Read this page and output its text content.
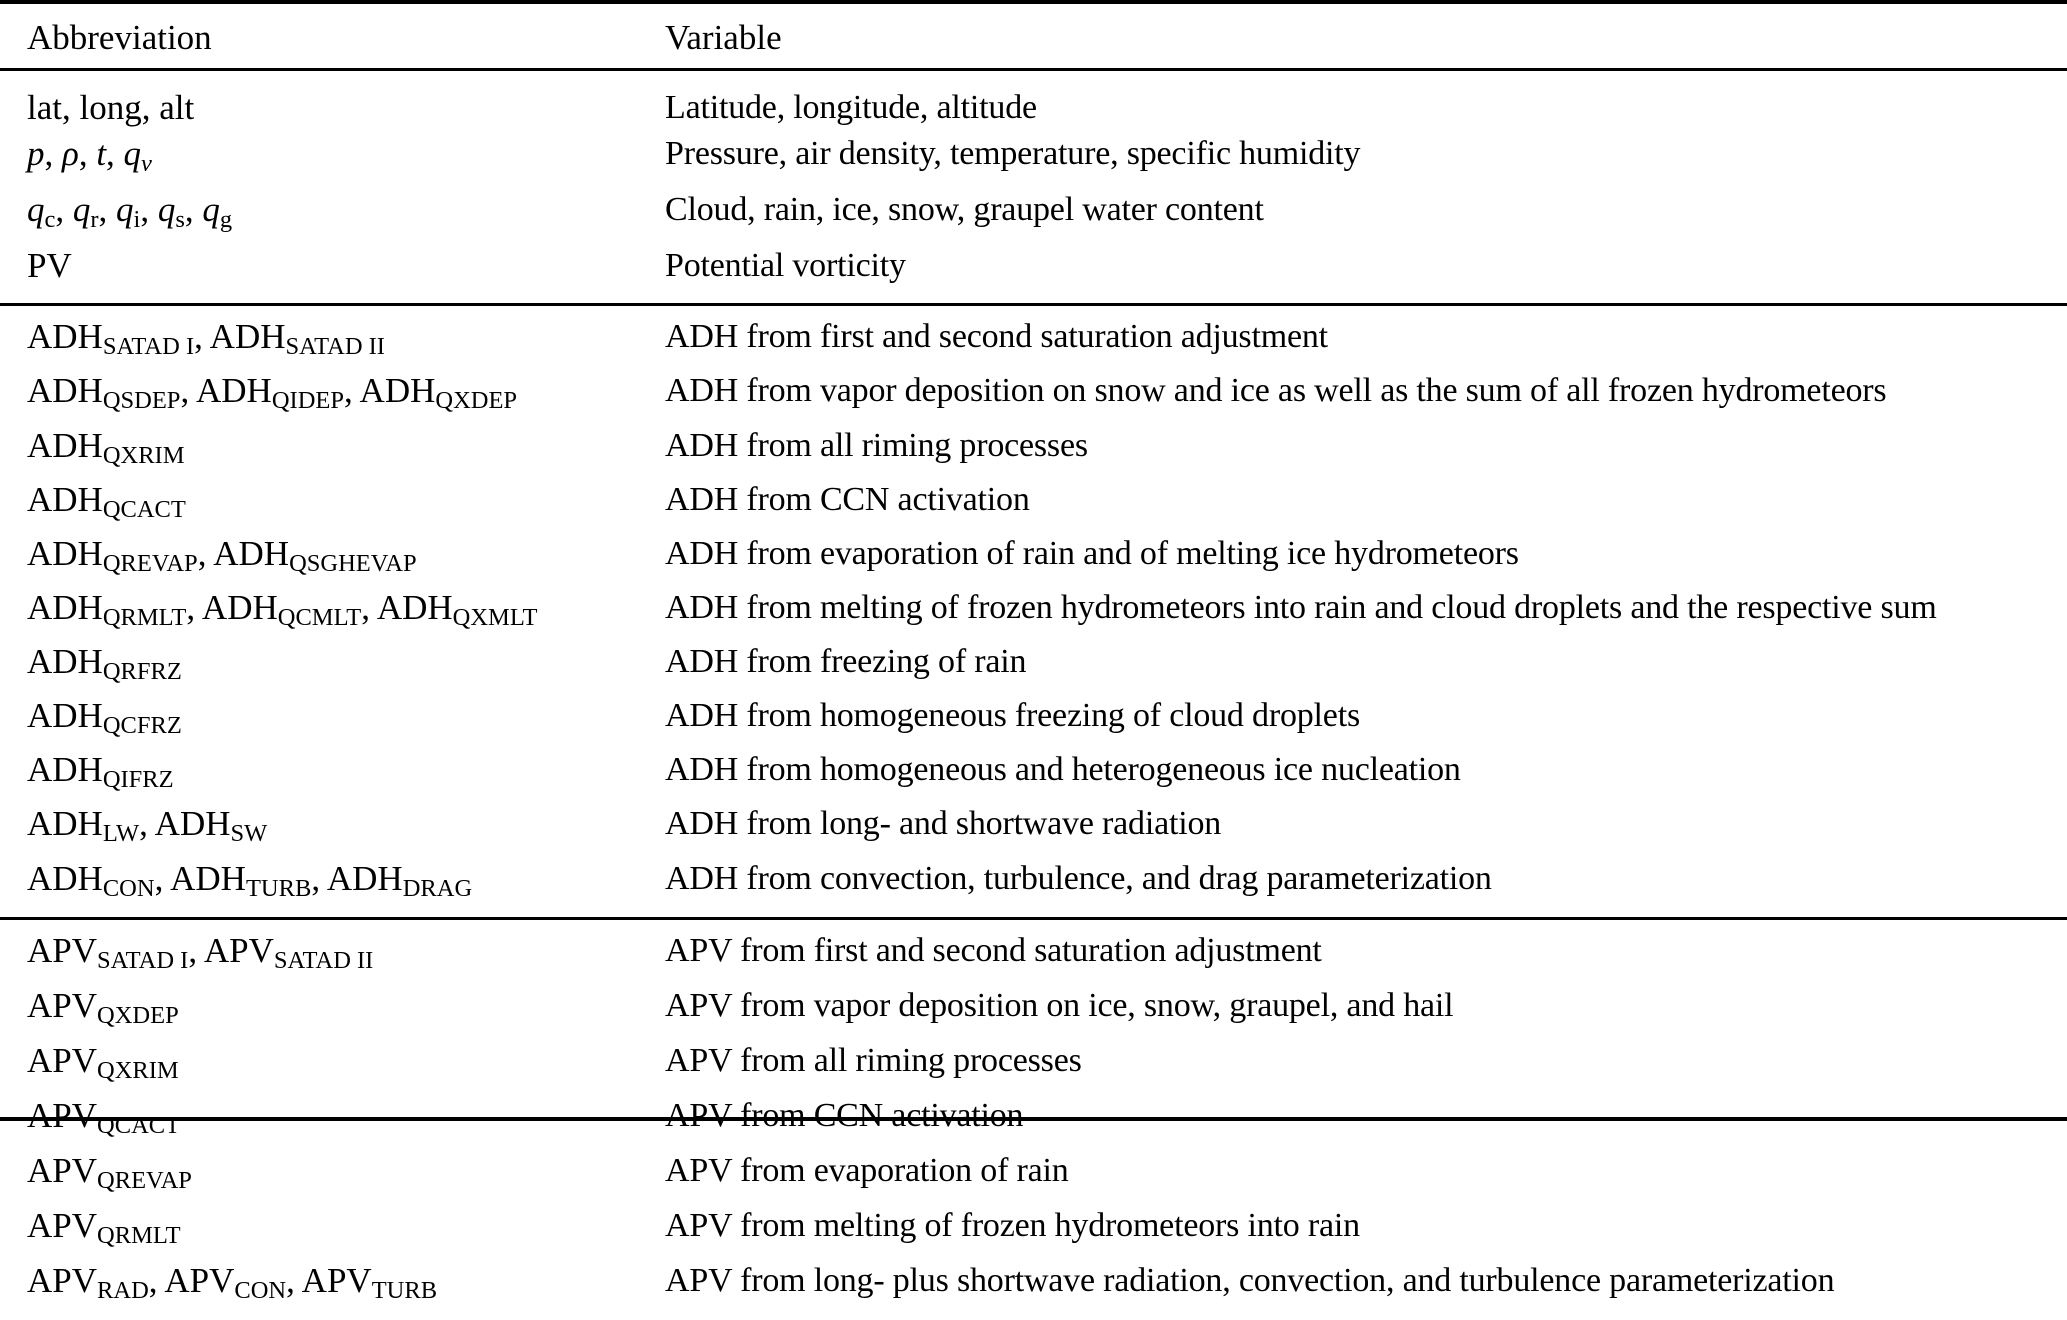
Abbreviation	Variable
lat, long, alt	Latitude, longitude, altitude
p, ρ, t, $q_v$	Pressure, air density, temperature, specific humidity
$q_c$, $q_r$, $q_i$, $q_s$, $q_g$	Cloud, rain, ice, snow, graupel water content
PV	Potential vorticity
$ADH_{SATAD I}$, $ADH_{SATAD II}$	ADH from first and second saturation adjustment
$ADH_{QSDEP}$, $ADH_{QIDEP}$, $ADH_{QXDEP}$	ADH from vapor deposition on snow and ice as well as the sum of all frozen hydrometeors
$ADH_{QXRIM}$	ADH from all riming processes
$ADH_{QCACT}$	ADH from CCN activation
$ADH_{QREVAP}$, $ADH_{QSGHEVAP}$	ADH from evaporation of rain and of melting ice hydrometeors
$ADH_{QRMLT}$, $ADH_{QCMLT}$, $ADH_{QXMLT}$	ADH from melting of frozen hydrometeors into rain and cloud droplets and the respective sum
$ADH_{QRFRZ}$	ADH from freezing of rain
$ADH_{QCFRZ}$	ADH from homogeneous freezing of cloud droplets
$ADH_{QIFRZ}$	ADH from homogeneous and heterogeneous ice nucleation
$ADH_{LW}$, $ADH_{SW}$	ADH from long- and shortwave radiation
$ADH_{CON}$, $ADH_{TURB}$, $ADH_{DRAG}$	ADH from convection, turbulence, and drag parameterization
$APV_{SATAD I}$, $APV_{SATAD II}$	APV from first and second saturation adjustment
$APV_{QXDEP}$	APV from vapor deposition on ice, snow, graupel, and hail
$APV_{QXRIM}$	APV from all riming processes
$APV_{QCACT}$	APV from CCN activation
$APV_{QREVAP}$	APV from evaporation of rain
$APV_{QRMLT}$	APV from melting of frozen hydrometeors into rain
$APV_{RAD}$, $APV_{CON}$, $APV_{TURB}$	APV from long- plus shortwave radiation, convection, and turbulence parameterization
